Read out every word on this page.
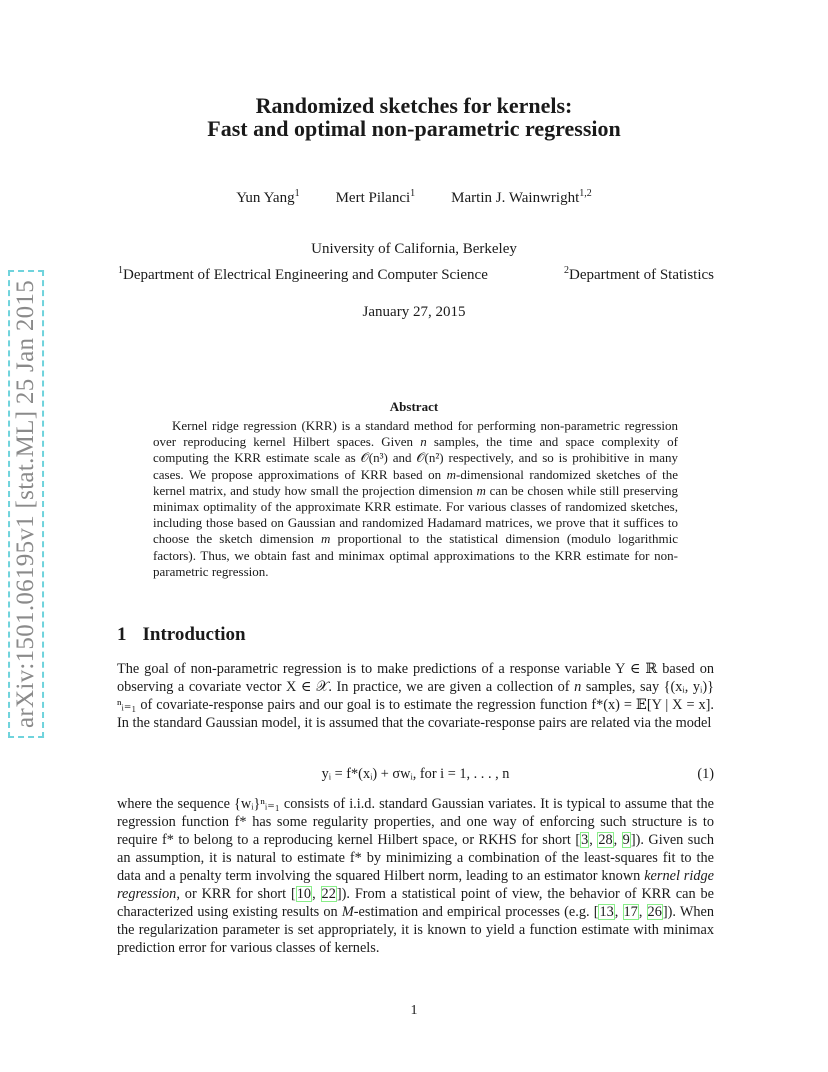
arXiv:1501.06195v1 [stat.ML] 25 Jan 2015
Randomized sketches for kernels:
Fast and optimal non-parametric regression
Yun Yang$^1$ Mert Pilanci$^1$ Martin J. Wainwright$^{1,2}$
University of California, Berkeley
$^1$Department of Electrical Engineering and Computer Science	$^2$Department of Statistics
January 27, 2015
Abstract
Kernel ridge regression (KRR) is a standard method for performing non-parametric regression over reproducing kernel Hilbert spaces. Given n samples, the time and space complexity of computing the KRR estimate scale as 𝒪(n³) and 𝒪(n²) respectively, and so is prohibitive in many cases. We propose approximations of KRR based on m-dimensional randomized sketches of the kernel matrix, and study how small the projection dimension m can be chosen while still preserving minimax optimality of the approximate KRR estimate. For various classes of randomized sketches, including those based on Gaussian and randomized Hadamard matrices, we prove that it suffices to choose the sketch dimension m proportional to the statistical dimension (modulo logarithmic factors). Thus, we obtain fast and minimax optimal approximations to the KRR estimate for non-parametric regression.
1 Introduction
The goal of non-parametric regression is to make predictions of a response variable Y ∈ ℝ based on observing a covariate vector X ∈ 𝒳. In practice, we are given a collection of n samples, say {(xᵢ, yᵢ)}ⁿᵢ₌₁ of covariate-response pairs and our goal is to estimate the regression function f*(x) = 𝔼[Y | X = x]. In the standard Gaussian model, it is assumed that the covariate-response pairs are related via the model
yᵢ = f*(xᵢ) + σwᵢ, for i = 1, . . . , n	(1)
where the sequence {wᵢ}ⁿᵢ₌₁ consists of i.i.d. standard Gaussian variates. It is typical to assume that the regression function f* has some regularity properties, and one way of enforcing such structure is to require f* to belong to a reproducing kernel Hilbert space, or RKHS for short [3, 28, 9]). Given such an assumption, it is natural to estimate f* by minimizing a combination of the least-squares fit to the data and a penalty term involving the squared Hilbert norm, leading to an estimator known kernel ridge regression, or KRR for short [10, 22]). From a statistical point of view, the behavior of KRR can be characterized using existing results on M-estimation and empirical processes (e.g. [13, 17, 26]). When the regularization parameter is set appropriately, it is known to yield a function estimate with minimax prediction error for various classes of kernels.
1
